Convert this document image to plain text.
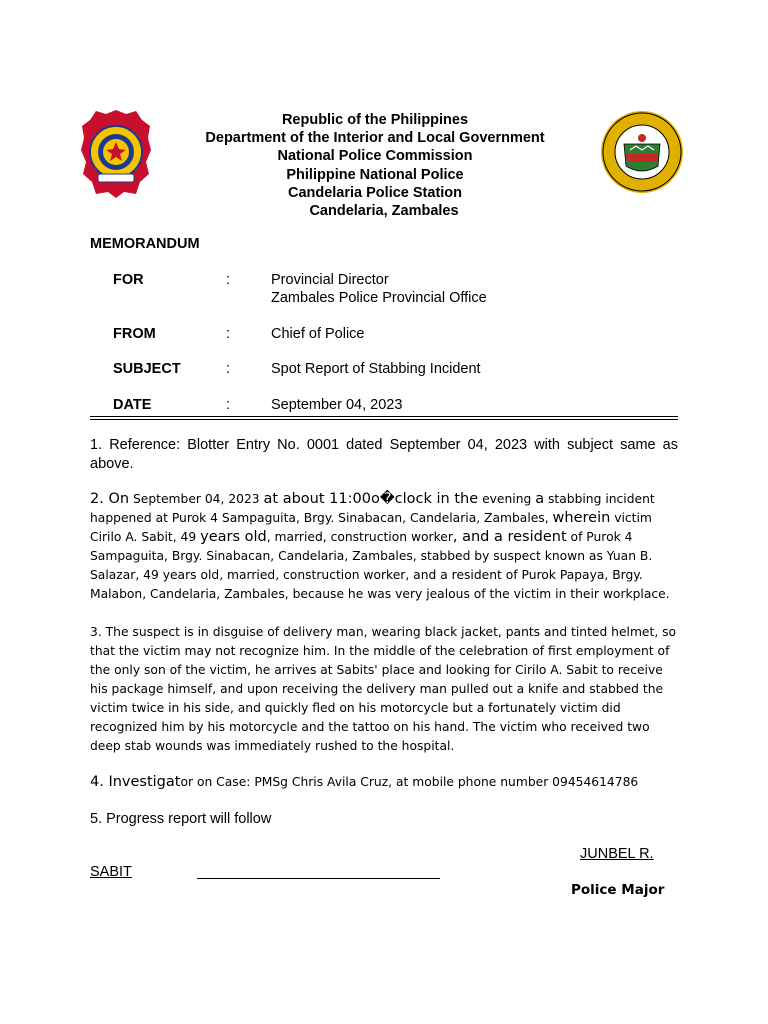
Republic of the Philippines
Department of the Interior and Local Government
National Police Commission
Philippine National Police
Candelaria Police Station
Candelaria, Zambales
MEMORANDUM
FOR	:	Provincial Director
Zambales Police Provincial Office
FROM	:	Chief of Police
SUBJECT	:	Spot Report of Stabbing Incident
DATE	:	September 04, 2023
1. Reference: Blotter Entry No. 0001 dated September 04, 2023 with subject same as above.
2. On September 04, 2023 at about 11:00o�clock in the evening a stabbing incident happened at Purok 4 Sampaguita, Brgy. Sinabacan, Candelaria, Zambales, wherein victim Cirilo A. Sabit, 49 years old, married, construction worker, and a resident of Purok 4 Sampaguita, Brgy. Sinabacan, Candelaria, Zambales, stabbed by suspect known as Yuan B. Salazar, 49 years old, married, construction worker, and a resident of Purok Papaya, Brgy. Malabon, Candelaria, Zambales, because he was very jealous of the victim in their workplace.
3. The suspect is in disguise of delivery man, wearing black jacket, pants and tinted helmet, so that the victim may not recognize him. In the middle of the celebration of first employment of the only son of the victim, he arrives at Sabits' place and looking for Cirilo A. Sabit to receive his package himself, and upon receiving the delivery man pulled out a knife and stabbed the victim twice in his side, and quickly fled on his motorcycle but a fortunately victim did recognized him by his motorcycle and the tattoo on his hand. The victim who received two deep stab wounds was immediately rushed to the hospital.
4. Investigator on Case: PMSg Chris Avila Cruz, at mobile phone number 09454614786
5. Progress report will follow
JUNBEL R.
SABIT
Police Major
